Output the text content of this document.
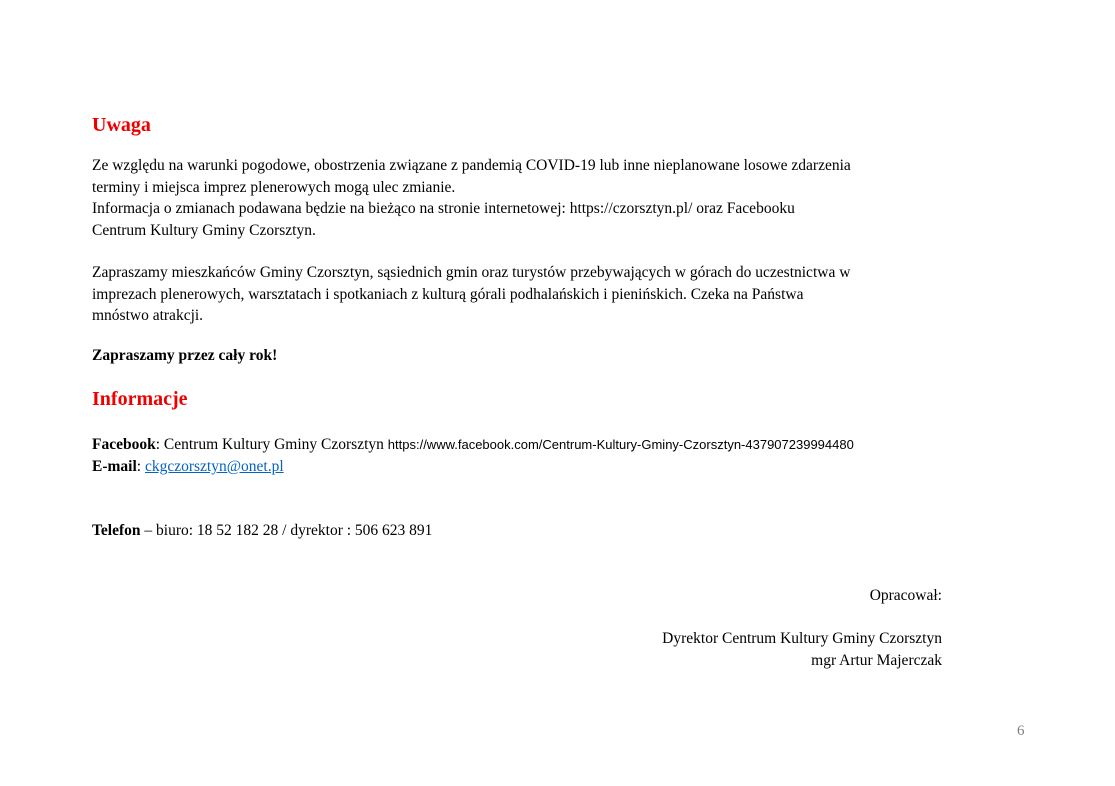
Uwaga

Ze względu na warunki pogodowe, obostrzenia związane z pandemią COVID-19 lub inne nieplanowane losowe zdarzenia
terminy i miejsca imprez plenerowych mogą ulec zmianie.
Informacja o zmianach podawana będzie na bieżąco na stronie internetowej: https://czorsztyn.pl/ oraz Facebooku
Centrum Kultury Gminy Czorsztyn.

Zapraszamy mieszkańców Gminy Czorsztyn, sąsiednich gmin oraz turystów przebywających w górach do uczestnictwa w
imprezach plenerowych, warsztatach i spotkaniach z kulturą górali podhalańskich i pienińskich. Czeka na Państwa
mnóstwo atrakcji.

Zapraszamy przez cały rok!

Informacje

Facebook: Centrum Kultury Gminy Czorsztyn https://www.facebook.com/Centrum-Kultury-Gminy-Czorsztyn-437907239994480
E-mail: ckgczorsztyn@onet.pl

Telefon – biuro: 18 52 182 28 / dyrektor : 506 623 891

Opracował:

Dyrektor Centrum Kultury Gminy Czorsztyn
mgr Artur Majerczak

6
